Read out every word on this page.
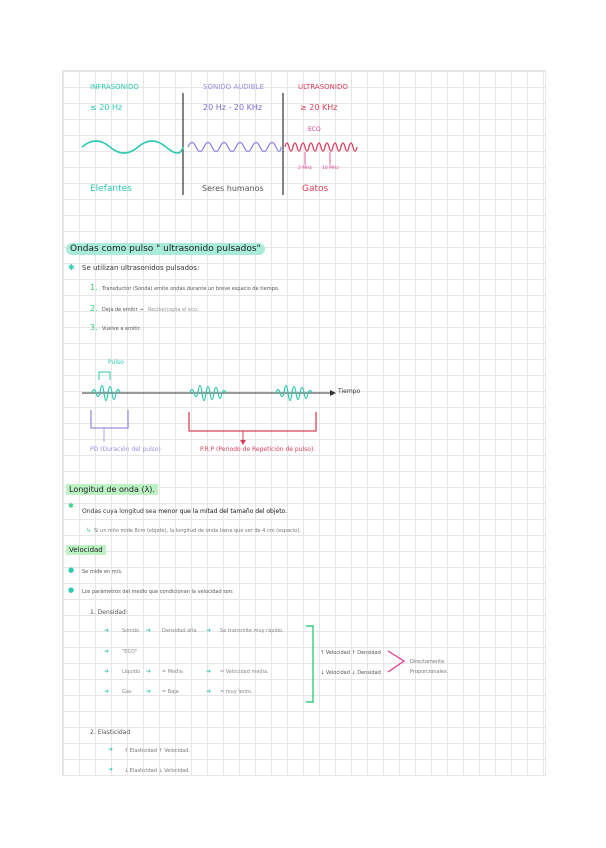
INFRASONIDO	SONIDO AUDIBLE	ULTRASONIDO
≤ 20 Hz	20 Hz - 20 KHz	≥ 20 KHz
ECO
2 MHz 10 MHz
Elefantes	Seres humanos	Gatos
Ondas como pulso " ultrasonido pulsados"
✱ Se utilizan ultrasonidos pulsados:
1. Transductor (Sonda) emite ondas durante un breve espacio de tiempo.
2. Deja de emitir → Recibe/capta el eco.
3. Vuelve a emitir.
Pulso
Tiempo
PD (Duración del pulso)	P.R.P (Periodo de Repetición de pulso).
Longitud de onda (λ).
✱
Ondas cuya longitud sea menor que la mitad del tamaño del objeto.
↳ Si un niño mide 8cm (objeto), la longitud de onda tiene que ser de 4 cm (espacio).
Velocidad
● Se mide en m/s.
● Los parámetros del medio que condicionan la velocidad son:
1. Densidad:
➜	Sonido ➜ Densidad alta ➜ Se transmite muy rápido.
➜	"ECO"
➜	Líquido ➜ = Media	➜ = Velocidad media.
➜	Gas ➜ = Baja	➜ = muy lento.
↑ Velocidad ↑ Densidad
↓ Velocidad ↓ Densidad
Directamente
Proporcionales.
2. Elasticidad
➜ ↑ Elasticidad ↑ Velocidad.
➜ ↓ Elasticidad ↓ Velocidad.
